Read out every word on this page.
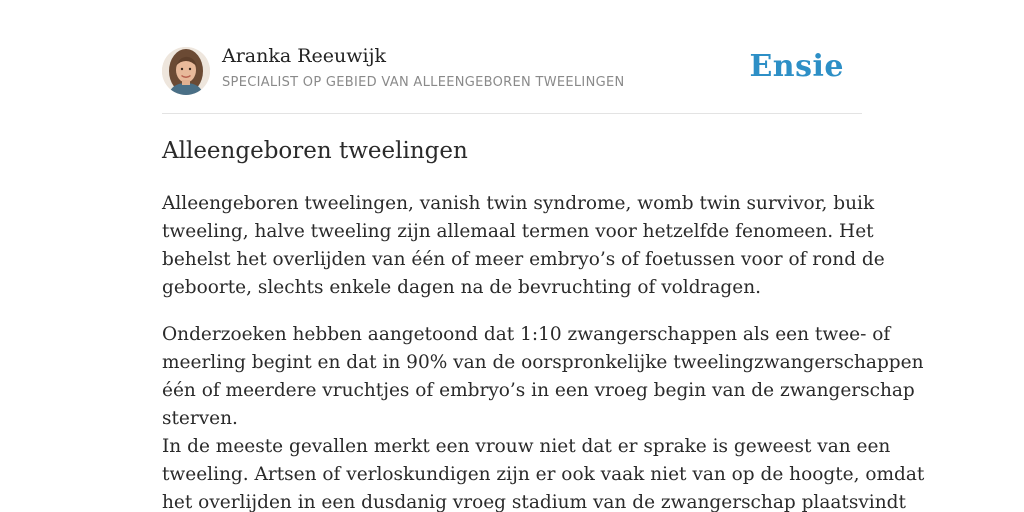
Aranka Reeuwijk
SPECIALIST OP GEBIED VAN ALLEENGEBOREN TWEELINGEN	Ensie
Alleengeboren tweelingen

Alleengeboren tweelingen, vanish twin syndrome, womb twin survivor, buik
tweeling, halve tweeling zijn allemaal termen voor hetzelfde fenomeen. Het
behelst het overlijden van één of meer embryo’s of foetussen voor of rond de
geboorte, slechts enkele dagen na de bevruchting of voldragen.

Onderzoeken hebben aangetoond dat 1:10 zwangerschappen als een twee- of
meerling begint en dat in 90% van de oorspronkelijke tweelingzwangerschappen
één of meerdere vruchtjes of embryo’s in een vroeg begin van de zwangerschap
sterven.
In de meeste gevallen merkt een vrouw niet dat er sprake is geweest van een
tweeling. Artsen of verloskundigen zijn er ook vaak niet van op de hoogte, omdat
het overlijden in een dusdanig vroeg stadium van de zwangerschap plaatsvindt
